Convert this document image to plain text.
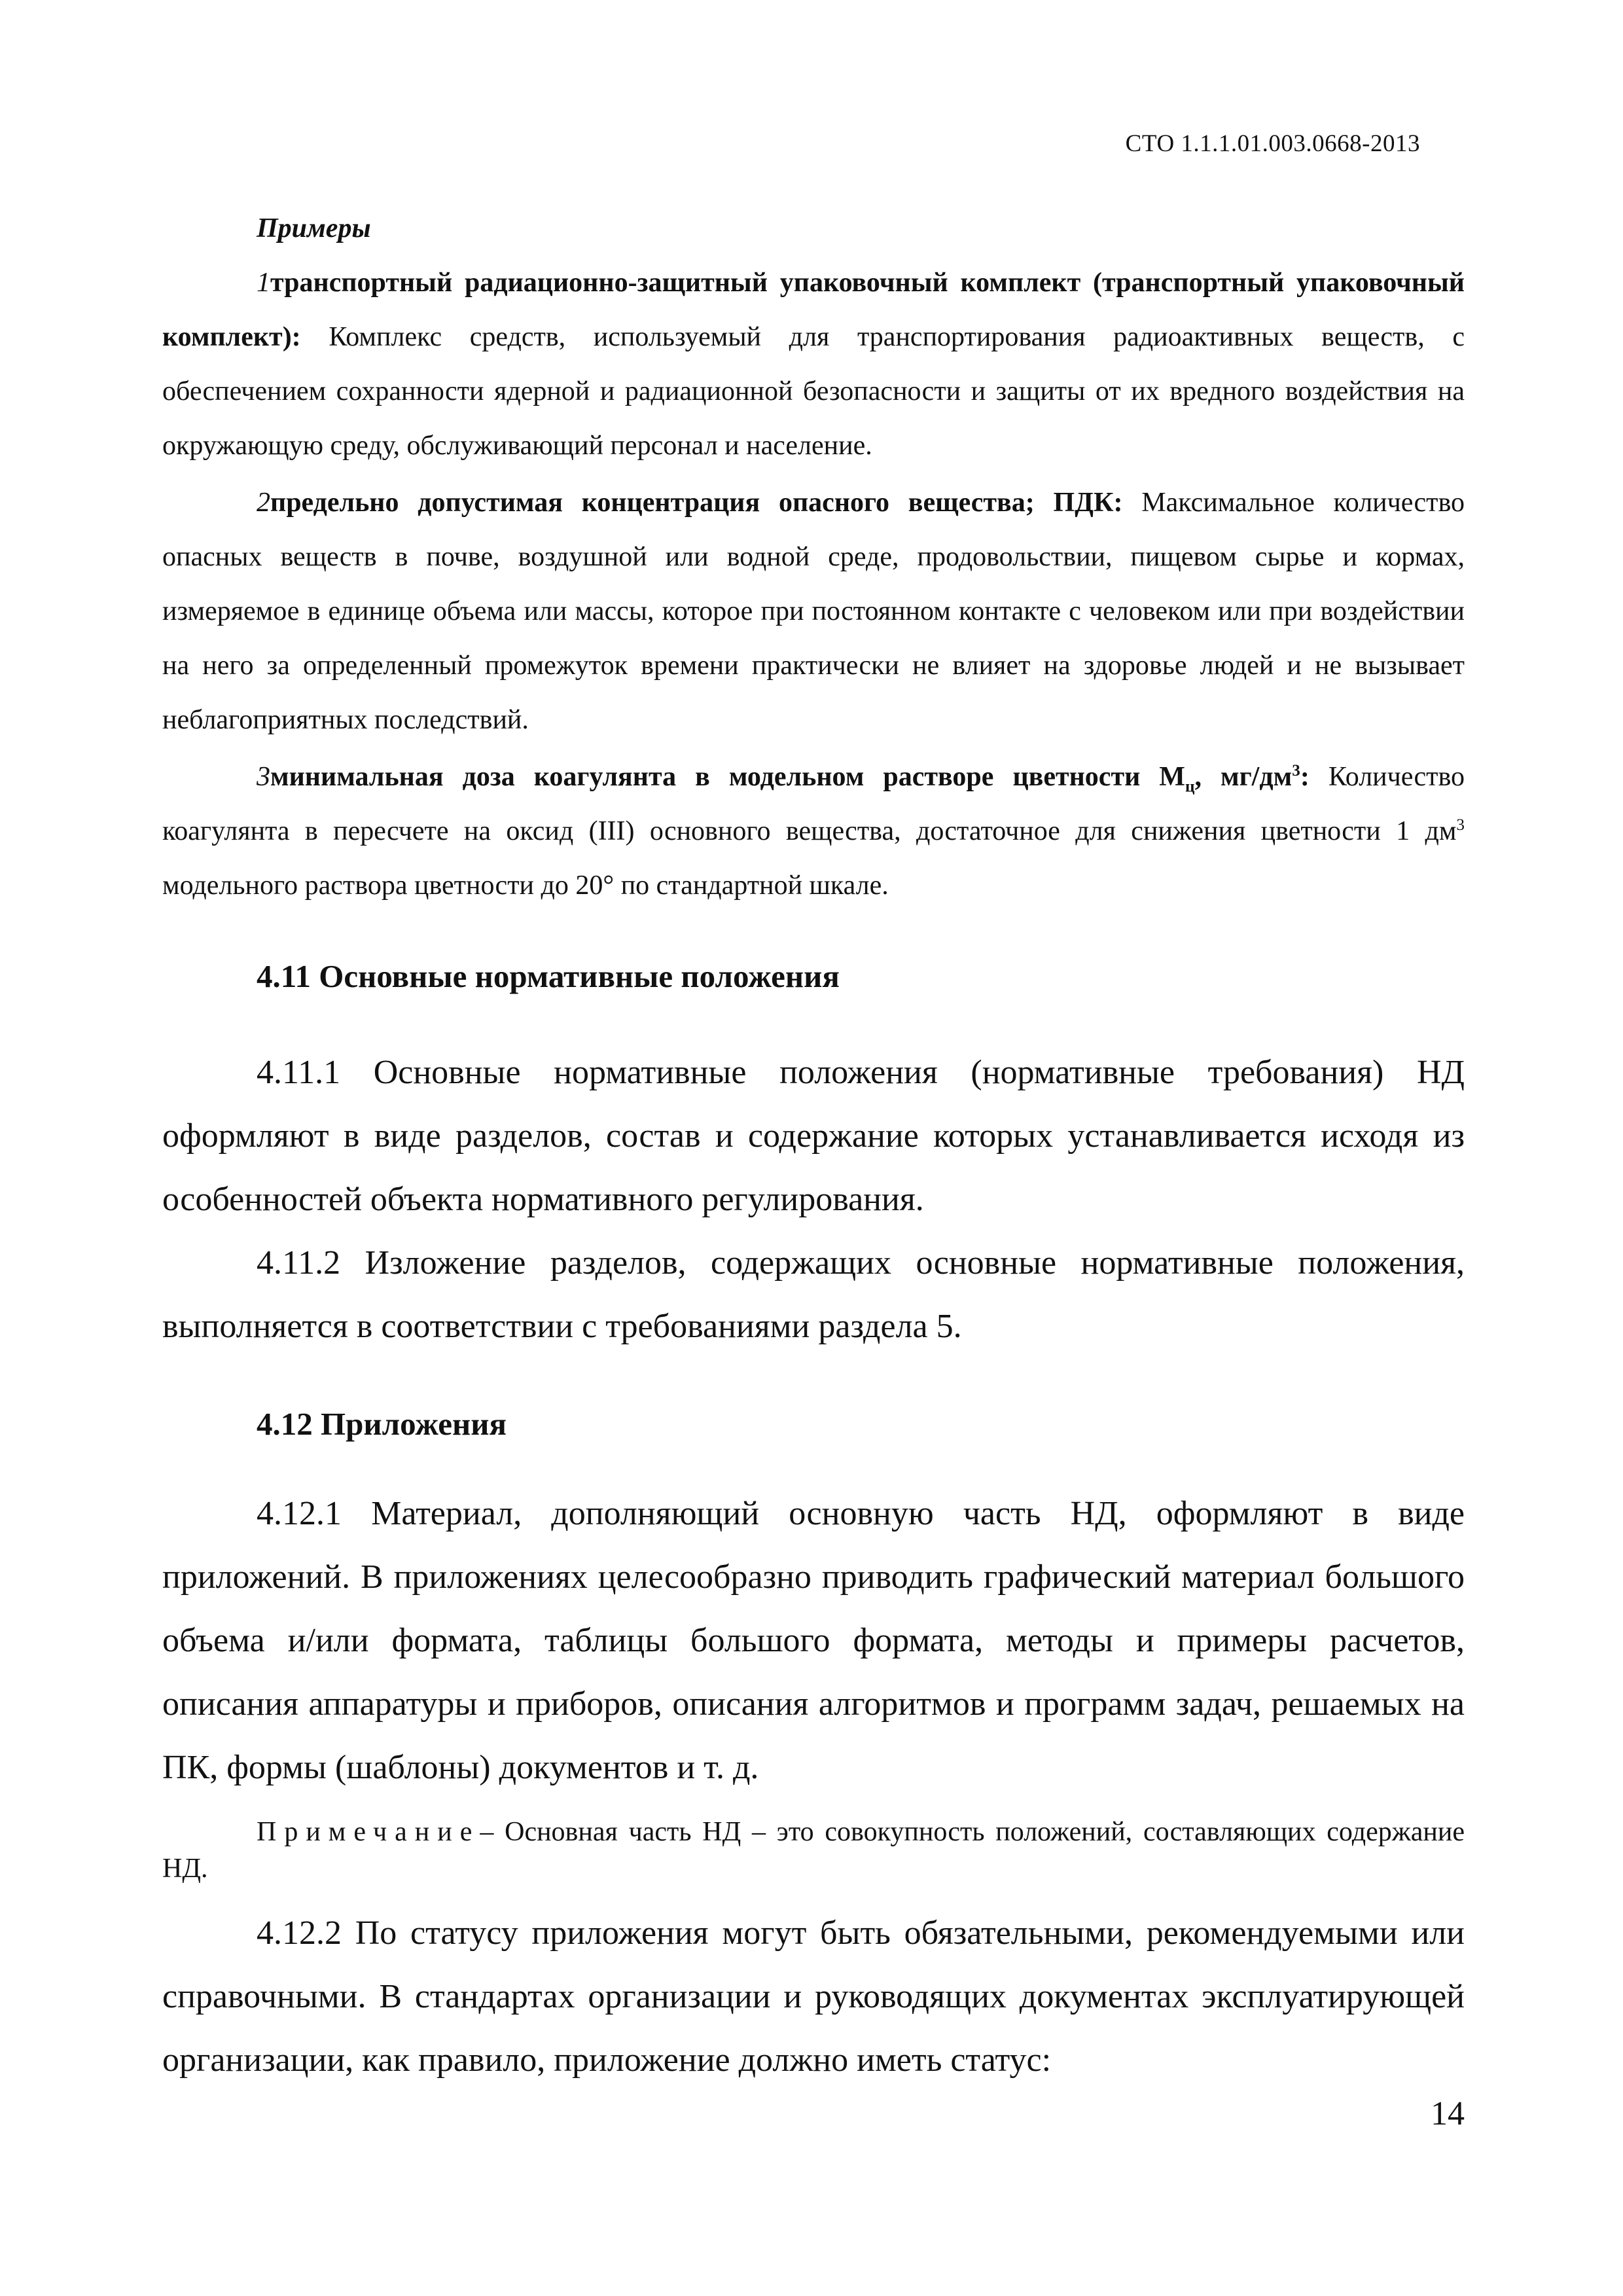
СТО 1.1.1.01.003.0668-2013

Примеры

1транспортный радиационно-защитный упаковочный комплект (транспортный упаковочный комплект): Комплекс средств, используемый для транспортирования радиоактивных веществ, с обеспечением сохранности ядерной и радиационной безопасности и защиты от их вредного воздействия на окружающую среду, обслуживающий персонал и население.

2предельно допустимая концентрация опасного вещества; ПДК: Максимальное количество опасных веществ в почве, воздушной или водной среде, продовольствии, пищевом сырье и кормах, измеряемое в единице объема или массы, которое при постоянном контакте с человеком или при воздействии на него за определенный промежуток времени практически не влияет на здоровье людей и не вызывает неблагоприятных последствий.

3минимальная доза коагулянта в модельном растворе цветности $М_ц$, $мг/дм^3$: Количество коагулянта в пересчете на оксид (III) основного вещества, достаточное для снижения цветности 1 $дм^3$ модельного раствора цветности до 20° по стандартной шкале.

4.11 Основные нормативные положения

4.11.1 Основные нормативные положения (нормативные требования) НД оформляют в виде разделов, состав и содержание которых устанавливается исходя из особенностей объекта нормативного регулирования.

4.11.2 Изложение разделов, содержащих основные нормативные положения, выполняется в соответствии с требованиями раздела 5.

4.12 Приложения

4.12.1 Материал, дополняющий основную часть НД, оформляют в виде приложений. В приложениях целесообразно приводить графический материал большого объема и/или формата, таблицы большого формата, методы и примеры расчетов, описания аппаратуры и приборов, описания алгоритмов и программ задач, решаемых на ПК, формы (шаблоны) документов и т. д.

Примечание– Основная часть НД – это совокупность положений, составляющих содержание НД.

4.12.2 По статусу приложения могут быть обязательными, рекомендуемыми или справочными. В стандартах организации и руководящих документах эксплуатирующей организации, как правило, приложение должно иметь статус:

14
